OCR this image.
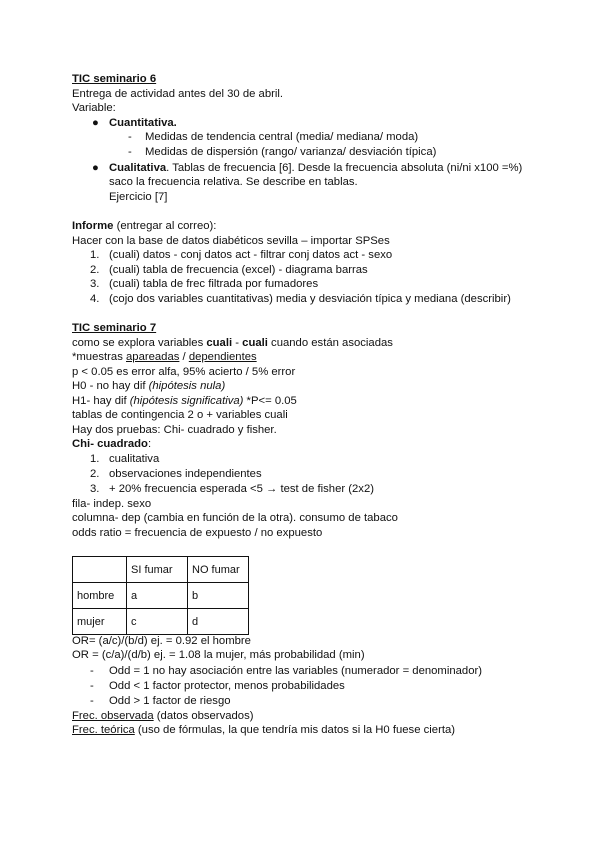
TIC seminario 6
Entrega de actividad antes del 30 de abril.
Variable:
● Cuantitativa.
- Medidas de tendencia central (media/ mediana/ moda)
- Medidas de dispersión (rango/ varianza/ desviación típica)
● Cualitativa. Tablas de frecuencia [6]. Desde la frecuencia absoluta (ni/ni x100 =%)
saco la frecuencia relativa. Se describe en tablas.
Ejercicio [7]
Informe (entregar al correo):
Hacer con la base de datos diabéticos sevilla – importar SPSes
1. (cuali) datos - conj datos act - filtrar conj datos act - sexo
2. (cuali) tabla de frecuencia (excel) - diagrama barras
3. (cuali) tabla de frec filtrada por fumadores
4. (cojo dos variables cuantitativas) media y desviación típica y mediana (describir)
TIC seminario 7
como se explora variables cuali - cuali cuando están asociadas
*muestras apareadas / dependientes
p < 0.05 es error alfa, 95% acierto / 5% error
H0 - no hay dif (hipótesis nula)
H1- hay dif (hipótesis significativa) *P<= 0.05
tablas de contingencia 2 o + variables cuali
Hay dos pruebas: Chi- cuadrado y fisher.
Chi- cuadrado:
1. cualitativa
2. observaciones independientes
3. + 20% frecuencia esperada <5 → test de fisher (2x2)
fila- indep. sexo
columna- dep (cambia en función de la otra). consumo de tabaco
odds ratio = frecuencia de expuesto / no expuesto
	SI fumar	NO fumar
hombre	a	b
mujer	c	d
OR= (a/c)/(b/d) ej. = 0.92 el hombre
OR = (c/a)/(d/b) ej. = 1.08 la mujer, más probabilidad (min)
- Odd = 1 no hay asociación entre las variables (numerador = denominador)
- Odd < 1 factor protector, menos probabilidades
- Odd > 1 factor de riesgo
Frec. observada (datos observados)
Frec. teórica (uso de fórmulas, la que tendría mis datos si la H0 fuese cierta)
